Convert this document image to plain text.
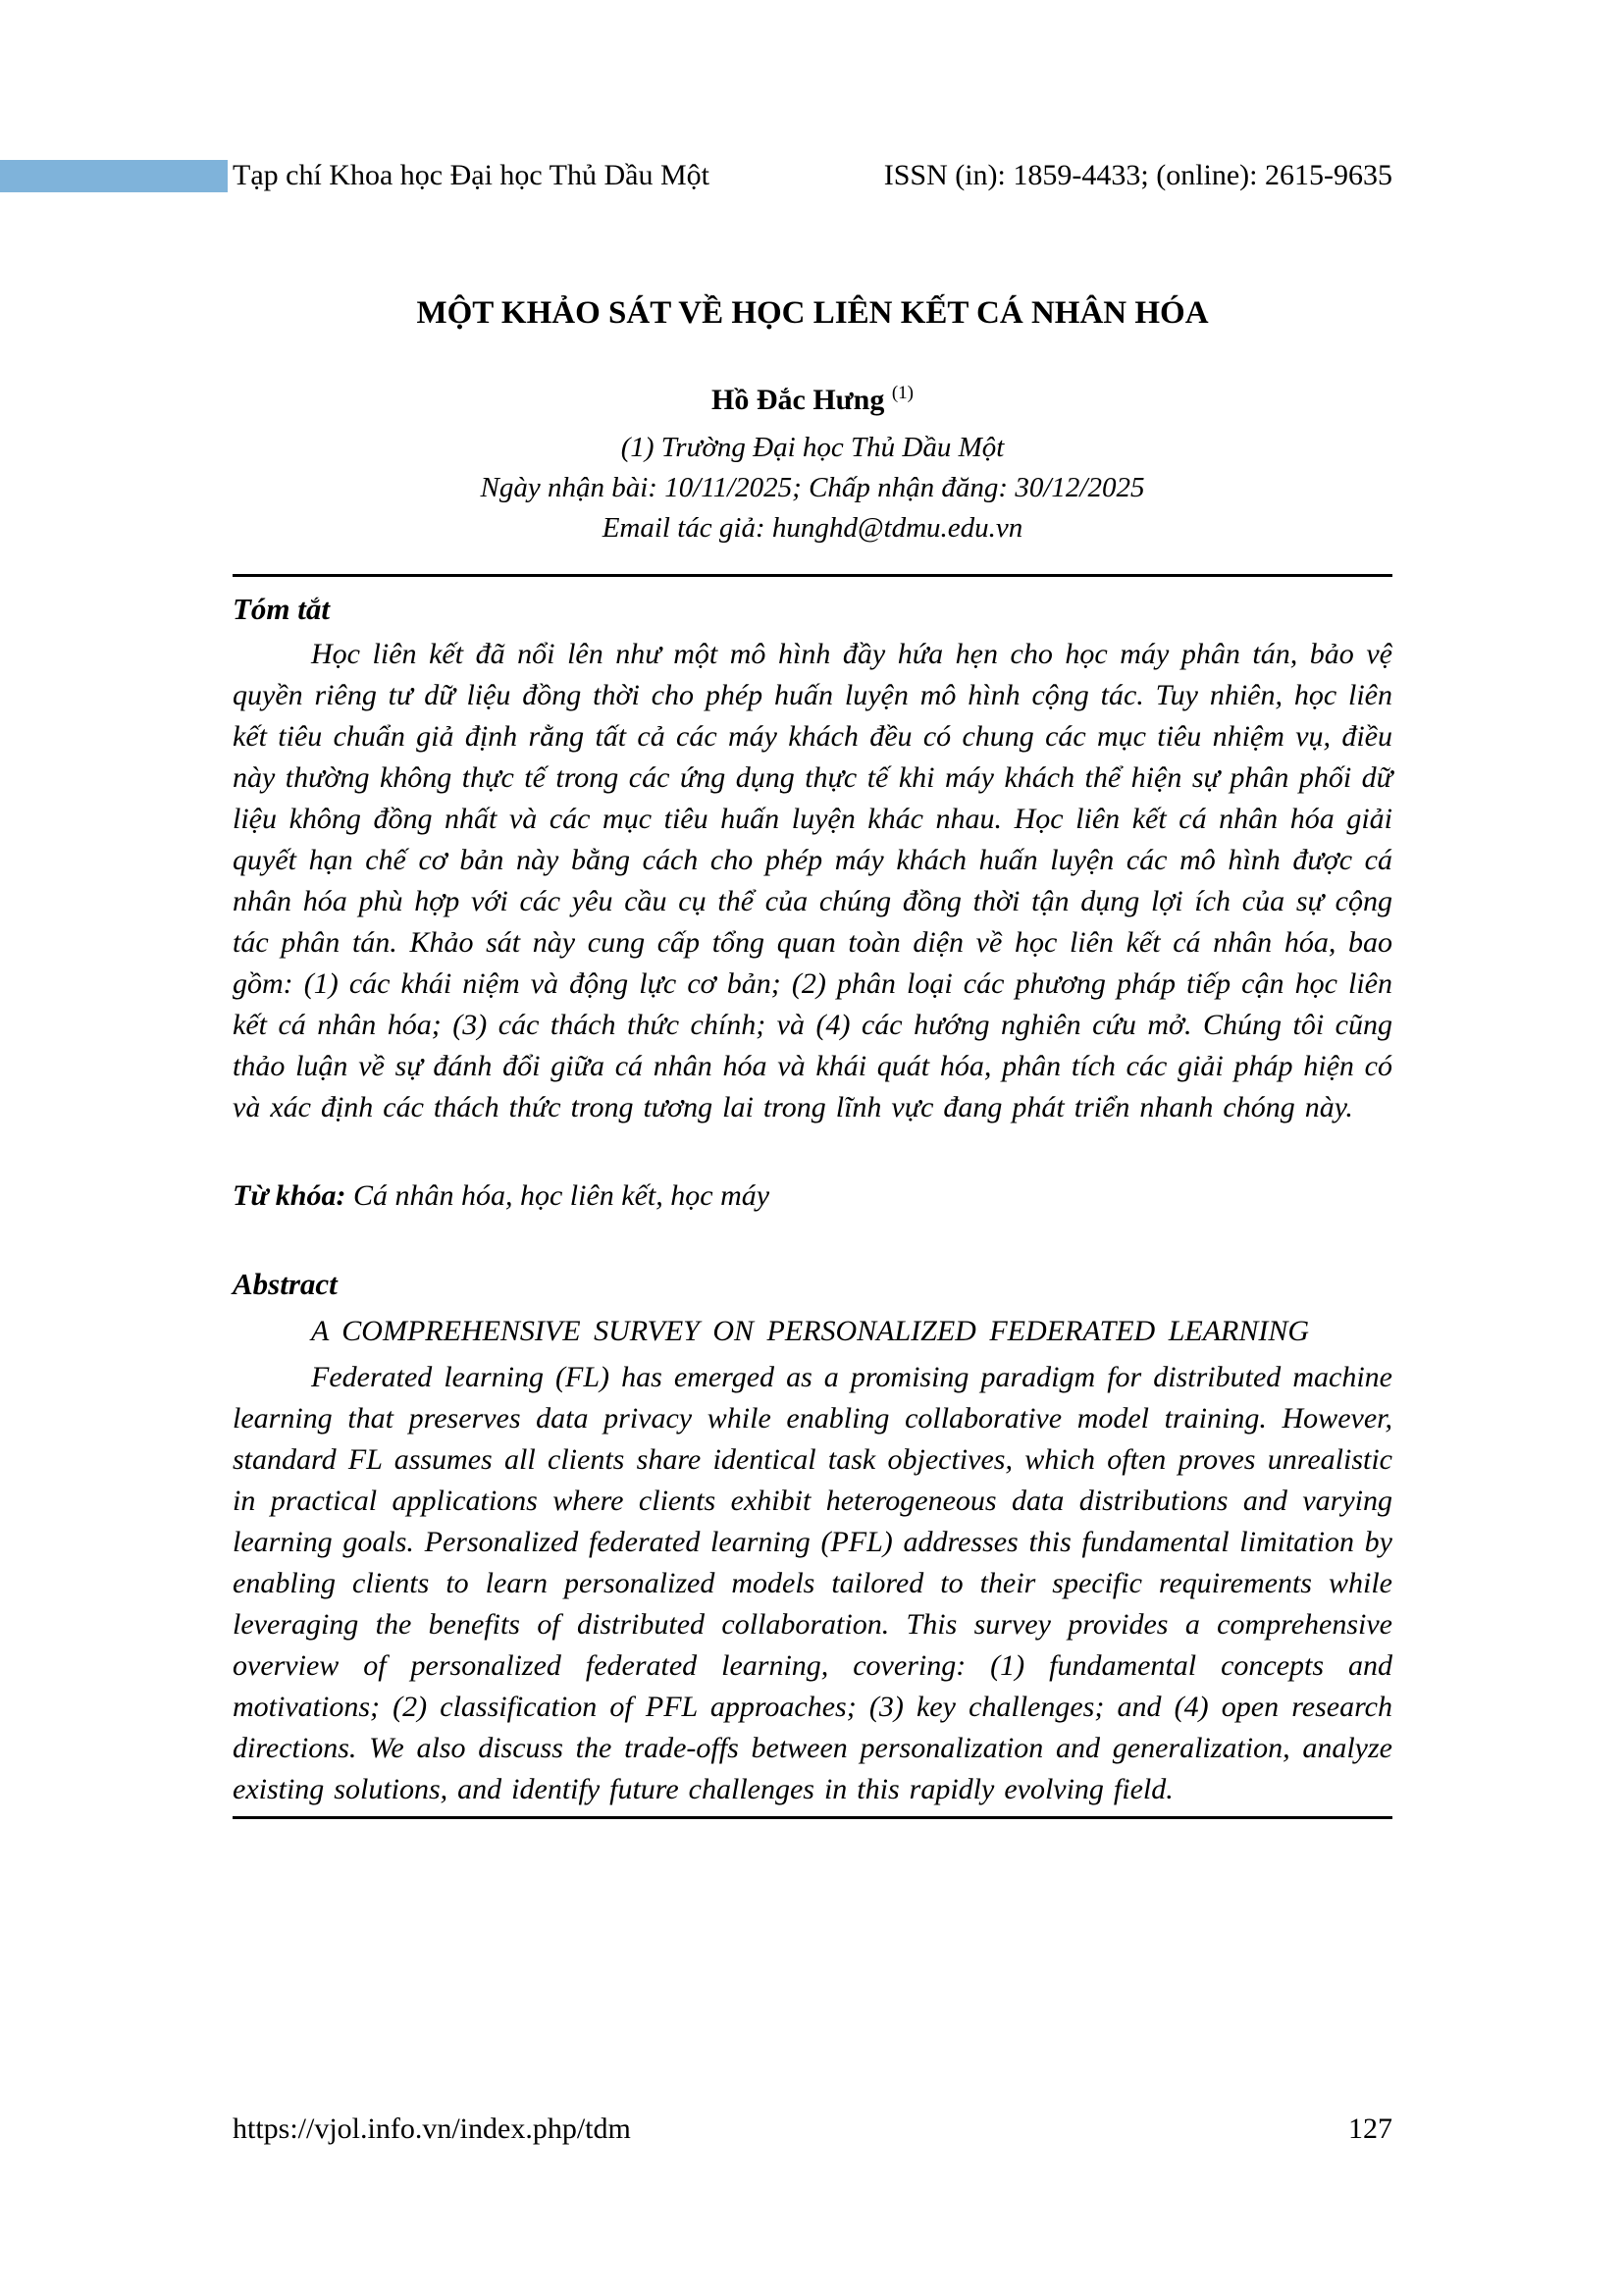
Tạp chí Khoa học Đại học Thủ Dầu Một	ISSN (in): 1859-4433; (online): 2615-9635
MỘT KHẢO SÁT VỀ HỌC LIÊN KẾT CÁ NHÂN HÓA
Hồ Đắc Hưng $^{(1)}$
(1) Trường Đại học Thủ Dầu Một
Ngày nhận bài: 10/11/2025; Chấp nhận đăng: 30/12/2025
Email tác giả: hunghd@tdmu.edu.vn
Tóm tắt

Học liên kết đã nổi lên như một mô hình đầy hứa hẹn cho học máy phân tán, bảo vệ quyền riêng tư dữ liệu đồng thời cho phép huấn luyện mô hình cộng tác. Tuy nhiên, học liên kết tiêu chuẩn giả định rằng tất cả các máy khách đều có chung các mục tiêu nhiệm vụ, điều này thường không thực tế trong các ứng dụng thực tế khi máy khách thể hiện sự phân phối dữ liệu không đồng nhất và các mục tiêu huấn luyện khác nhau. Học liên kết cá nhân hóa giải quyết hạn chế cơ bản này bằng cách cho phép máy khách huấn luyện các mô hình được cá nhân hóa phù hợp với các yêu cầu cụ thể của chúng đồng thời tận dụng lợi ích của sự cộng tác phân tán. Khảo sát này cung cấp tổng quan toàn diện về học liên kết cá nhân hóa, bao gồm: (1) các khái niệm và động lực cơ bản; (2) phân loại các phương pháp tiếp cận học liên kết cá nhân hóa; (3) các thách thức chính; và (4) các hướng nghiên cứu mở. Chúng tôi cũng thảo luận về sự đánh đổi giữa cá nhân hóa và khái quát hóa, phân tích các giải pháp hiện có và xác định các thách thức trong tương lai trong lĩnh vực đang phát triển nhanh chóng này.

Từ khóa: Cá nhân hóa, học liên kết, học máy

Abstract

A COMPREHENSIVE SURVEY ON PERSONALIZED FEDERATED LEARNING

Federated learning (FL) has emerged as a promising paradigm for distributed machine learning that preserves data privacy while enabling collaborative model training. However, standard FL assumes all clients share identical task objectives, which often proves unrealistic in practical applications where clients exhibit heterogeneous data distributions and varying learning goals. Personalized federated learning (PFL) addresses this fundamental limitation by enabling clients to learn personalized models tailored to their specific requirements while leveraging the benefits of distributed collaboration. This survey provides a comprehensive overview of personalized federated learning, covering: (1) fundamental concepts and motivations; (2) classification of PFL approaches; (3) key challenges; and (4) open research directions. We also discuss the trade-offs between personalization and generalization, analyze existing solutions, and identify future challenges in this rapidly evolving field.

https://vjol.info.vn/index.php/tdm	127
